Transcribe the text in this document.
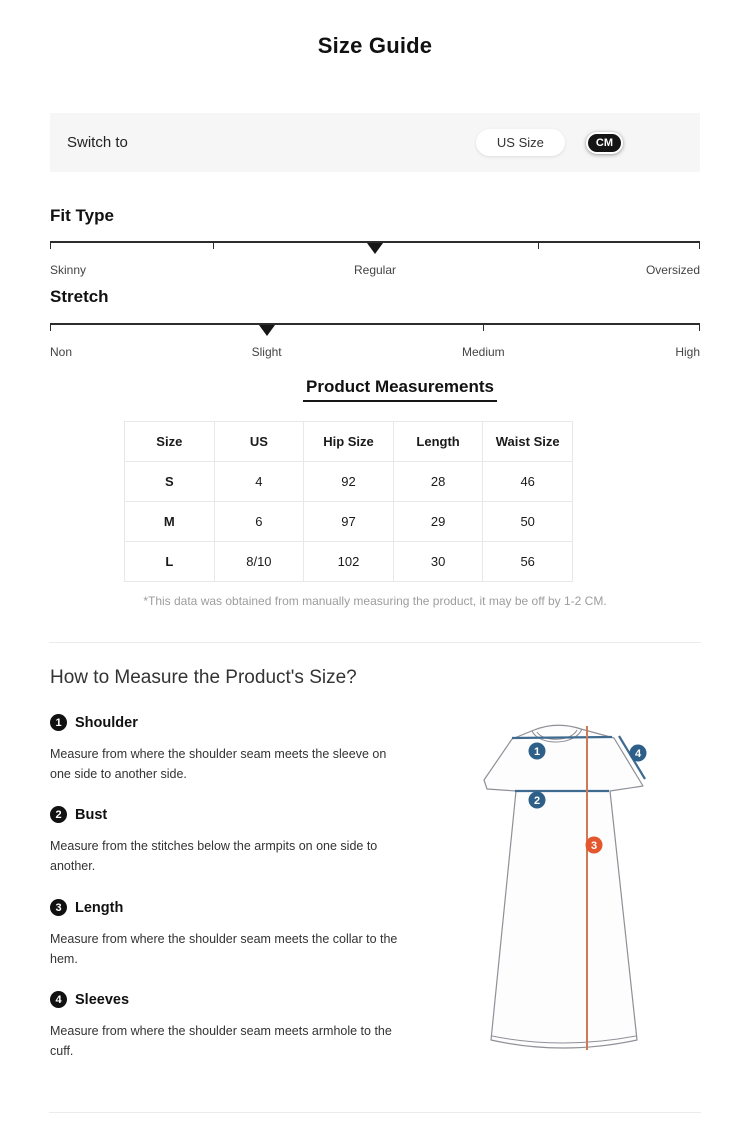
Size Guide
Switch to	US Size	CM
Fit Type
Skinny	Regular	Oversized
Stretch
Non	Slight	Medium	High
Product Measurements
Size	US	Hip Size	Length	Waist Size
S	4	92	28	46
M	6	97	29	50
L	8/10	102	30	56
*This data was obtained from manually measuring the product, it may be off by 1-2 CM.
How to Measure the Product's Size?
1 Shoulder
Measure from where the shoulder seam meets the sleeve on one side to another side.
2 Bust
Measure from the stitches below the armpits on one side to another.
3 Length
Measure from where the shoulder seam meets the collar to the hem.
4 Sleeves
Measure from where the shoulder seam meets armhole to the cuff.
1
2
3
4
